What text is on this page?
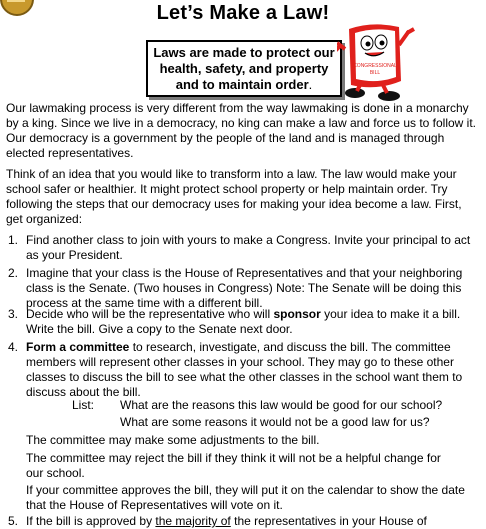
Let’s Make a Law!
Laws are made to protect our
health, safety, and property
and to maintain order.
CONGRESSIONAL
BILL

Our lawmaking process is very different from the way lawmaking is done in a monarchy by a king. Since we live in a democracy, no king can make a law and force us to follow it. Our democracy is a government by the people of the land and is managed through elected representatives.

Think of an idea that you would like to transform into a law. The law would make your school safer or healthier. It might protect school property or help maintain order. Try following the steps that our democracy uses for making your idea become a law. First, get organized:

1. Find another class to join with yours to make a Congress. Invite your principal to act as your President.
2. Imagine that your class is the House of Representatives and that your neighboring class is the Senate. (Two houses in Congress) Note: The Senate will be doing this process at the same time with a different bill.
3. Decide who will be the representative who will sponsor your idea to make it a bill. Write the bill. Give a copy to the Senate next door.
4. Form a committee to research, investigate, and discuss the bill. The committee members will represent other classes in your school. They may go to these other classes to discuss the bill to see what the other classes in the school want them to discuss about the bill.
List:	What are the reasons this law would be good for our school?
What are some reasons it would not be a good law for us?
The committee may make some adjustments to the bill.
The committee may reject the bill if they think it will not be a helpful change for our school.
If your committee approves the bill, they will put it on the calendar to show the date that the House of Representatives will vote on it.
5. If the bill is approved by the majority of the representatives in your House of
